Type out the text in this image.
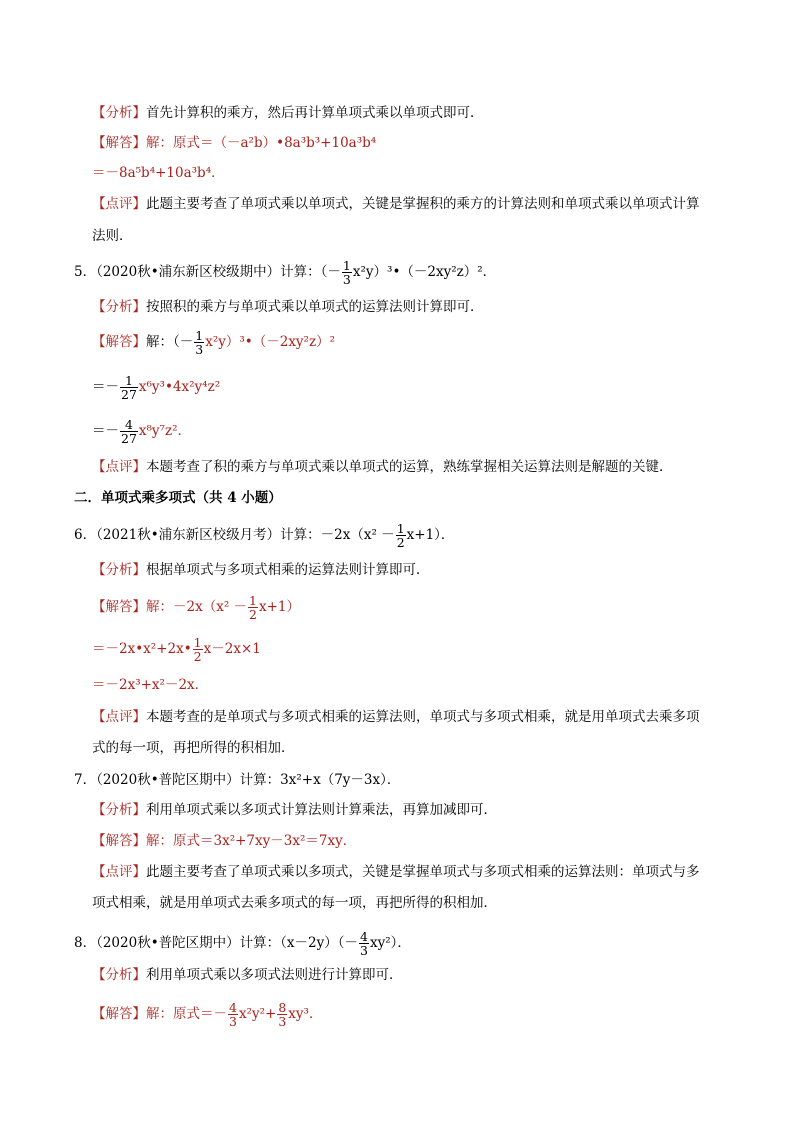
【分析】首先计算积的乘方，然后再计算单项式乘以单项式即可．
【解答】解：原式＝（－a²b）•8a³b³+10a³b⁴
＝－8a⁵b⁴+10a³b⁴．
【点评】此题主要考查了单项式乘以单项式，关键是掌握积的乘方的计算法则和单项式乘以单项式计算
法则．
5．（2020秋•浦东新区校级期中）计算：（－ $\frac{1}{3}$ x²y）³•（－2xy²z）²．
【分析】按照积的乘方与单项式乘以单项式的运算法则计算即可．
【解答】解：（－ $\frac{1}{3}$ x²y）³•（－2xy²z）²
＝－ $\frac{1}{27}$ x⁶y³•4x²y⁴z²
＝－ $\frac{4}{27} x^8y^7z^2$．
【点评】本题考查了积的乘方与单项式乘以单项式的运算，熟练掌握相关运算法则是解题的关键．
二．单项式乘多项式（共 4 小题）
6．（2021秋•浦东新区校级月考）计算：$-2x(x^2 - \frac{1}{2} x+1)$．
【分析】根据单项式与多项式相乘的运算法则计算即可．
【解答】解：$-2x(x^2 - \frac{1}{2} x+1)$
＝－2x•x²+2x• $\frac{1}{2} x-2x\times 1$
＝－2x³+x²－2x．
【点评】本题考查的是单项式与多项式相乘的运算法则，单项式与多项式相乘，就是用单项式去乘多项
式的每一项，再把所得的积相加．
7．（2020秋•普陀区期中）计算：3x²+x（7y－3x）．
【分析】利用单项式乘以多项式计算法则计算乘法，再算加减即可．
【解答】解：原式＝3x²+7xy－3x²＝7xy．
【点评】此题主要考查了单项式乘以多项式，关键是掌握单项式与多项式相乘的运算法则：单项式与多
项式相乘，就是用单项式去乘多项式的每一项，再把所得的积相加．
8．（2020秋•普陀区期中）计算：$(x-2y)(- \frac{4}{3} xy^2)$．
【分析】利用单项式乘以多项式法则进行计算即可．
【解答】解：原式＝－ $\frac{4}{3} x^2y^2+ \frac{8}{3} xy^3$．
